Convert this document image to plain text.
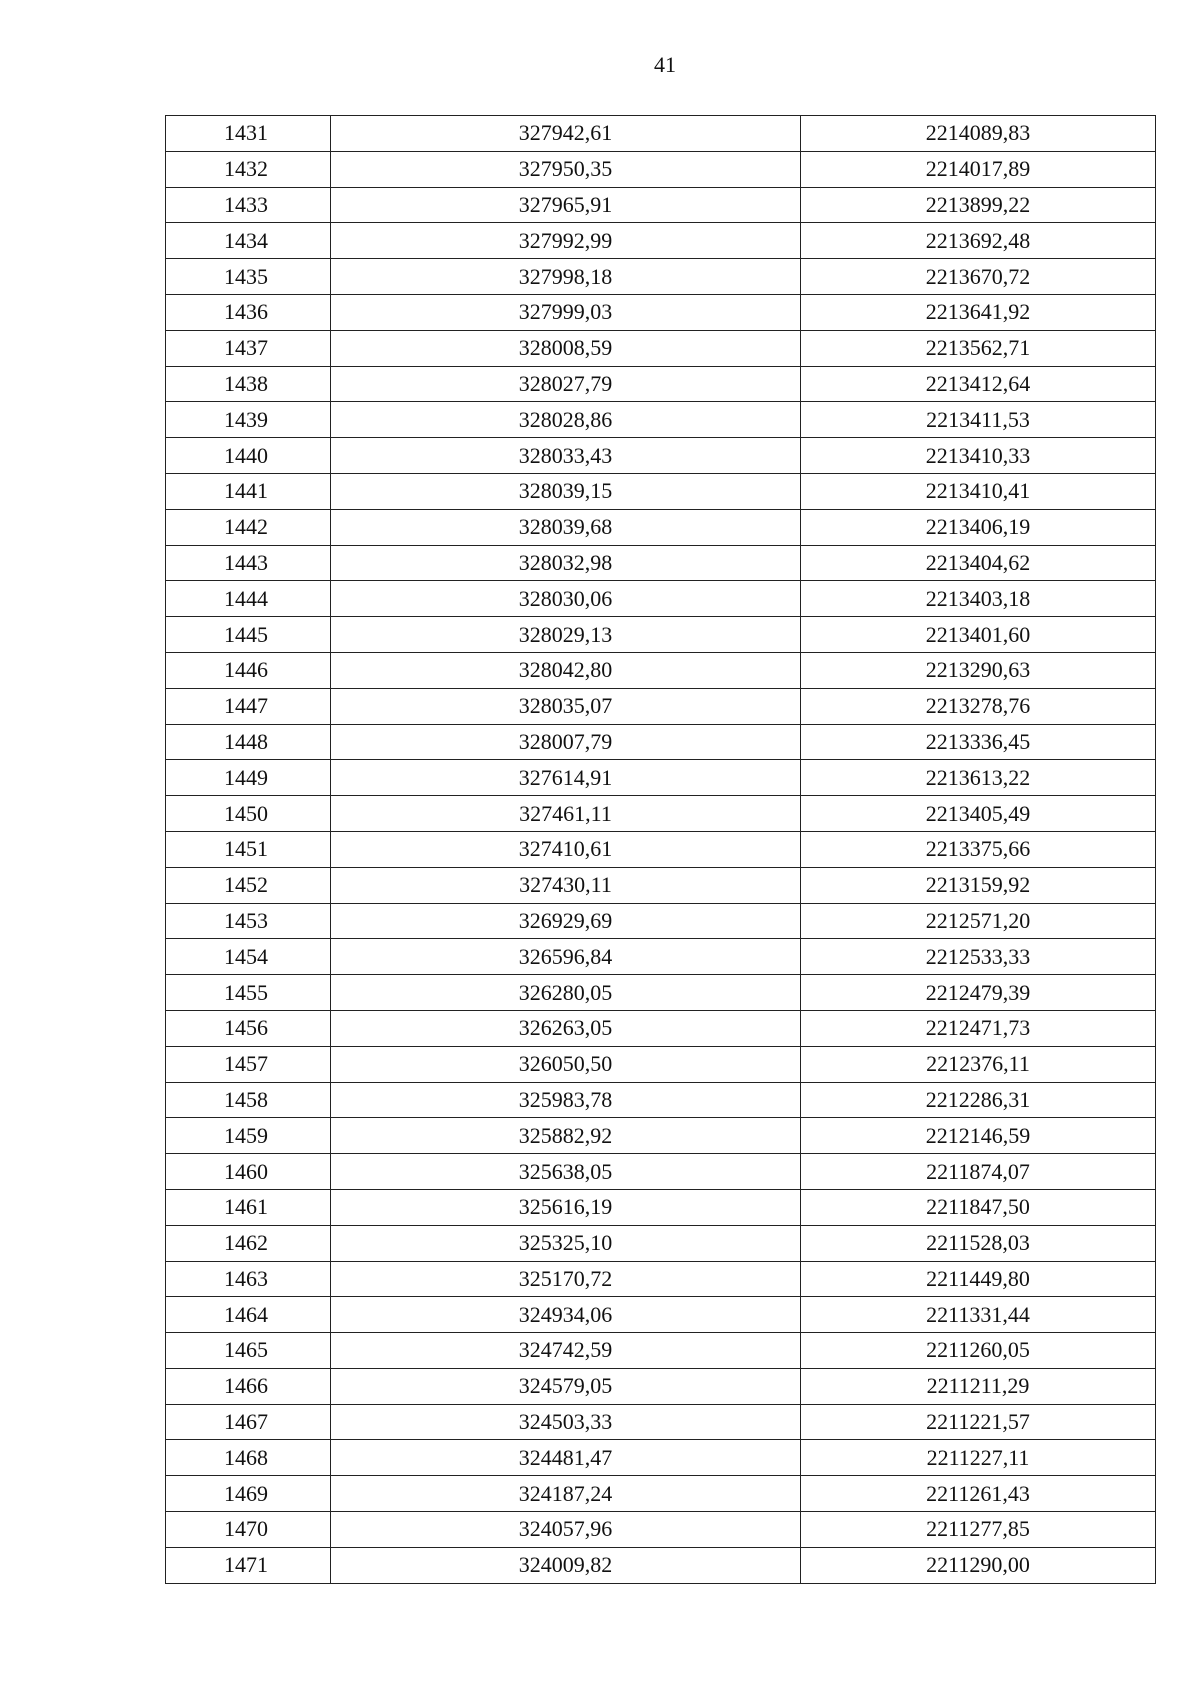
41
1431	327942,61	2214089,83
1432	327950,35	2214017,89
1433	327965,91	2213899,22
1434	327992,99	2213692,48
1435	327998,18	2213670,72
1436	327999,03	2213641,92
1437	328008,59	2213562,71
1438	328027,79	2213412,64
1439	328028,86	2213411,53
1440	328033,43	2213410,33
1441	328039,15	2213410,41
1442	328039,68	2213406,19
1443	328032,98	2213404,62
1444	328030,06	2213403,18
1445	328029,13	2213401,60
1446	328042,80	2213290,63
1447	328035,07	2213278,76
1448	328007,79	2213336,45
1449	327614,91	2213613,22
1450	327461,11	2213405,49
1451	327410,61	2213375,66
1452	327430,11	2213159,92
1453	326929,69	2212571,20
1454	326596,84	2212533,33
1455	326280,05	2212479,39
1456	326263,05	2212471,73
1457	326050,50	2212376,11
1458	325983,78	2212286,31
1459	325882,92	2212146,59
1460	325638,05	2211874,07
1461	325616,19	2211847,50
1462	325325,10	2211528,03
1463	325170,72	2211449,80
1464	324934,06	2211331,44
1465	324742,59	2211260,05
1466	324579,05	2211211,29
1467	324503,33	2211221,57
1468	324481,47	2211227,11
1469	324187,24	2211261,43
1470	324057,96	2211277,85
1471	324009,82	2211290,00
